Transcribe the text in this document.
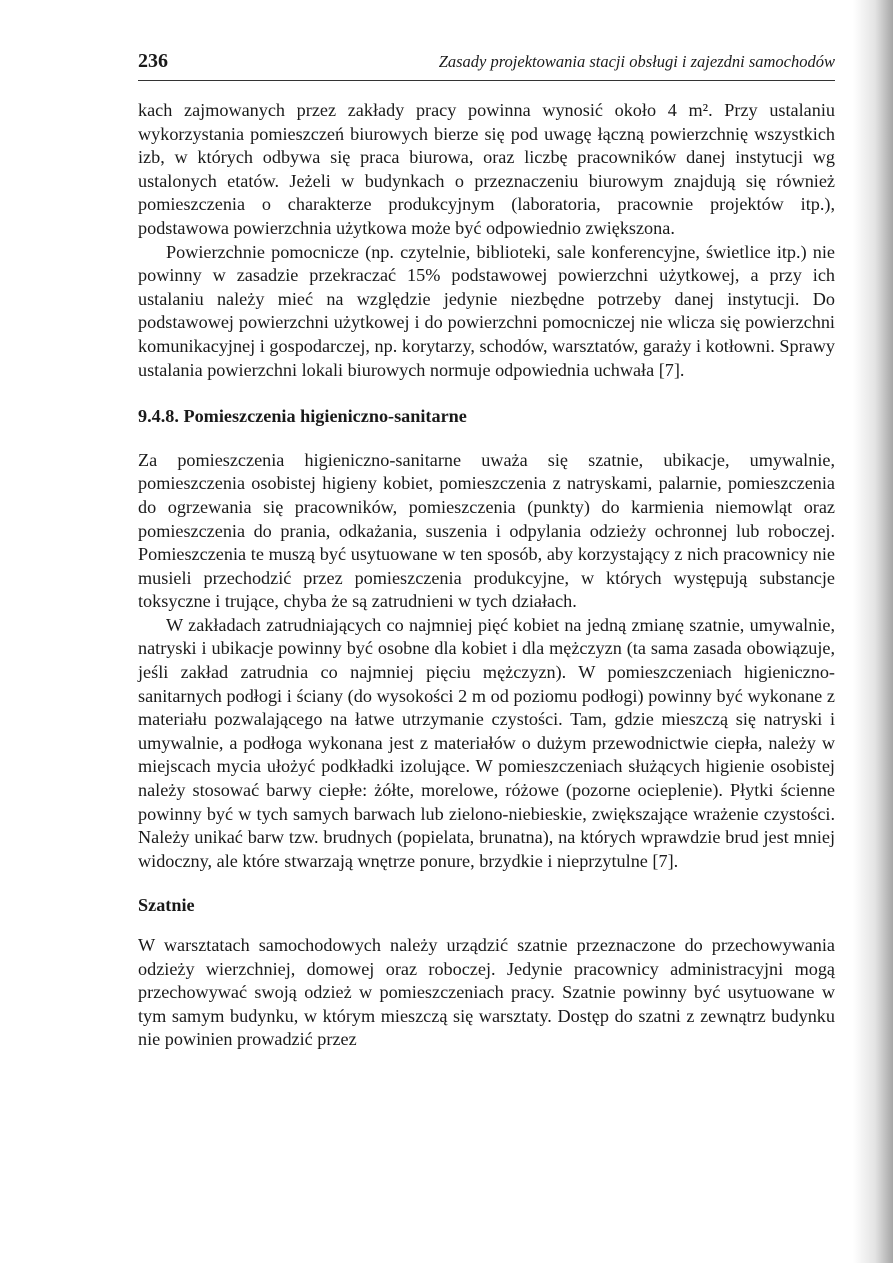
236	Zasady projektowania stacji obsługi i zajezdni samochodów

kach zajmowanych przez zakłady pracy powinna wynosić około 4 m². Przy ustalaniu wykorzystania pomieszczeń biurowych bierze się pod uwagę łączną powierzchnię wszystkich izb, w których odbywa się praca biurowa, oraz liczbę pracowników danej instytucji wg ustalonych etatów. Jeżeli w budynkach o przeznaczeniu biurowym znajdują się również pomieszczenia o charakterze produkcyjnym (laboratoria, pracownie projektów itp.), podstawowa powierzchnia użytkowa może być odpowiednio zwiększona.

Powierzchnie pomocnicze (np. czytelnie, biblioteki, sale konferencyjne, świetlice itp.) nie powinny w zasadzie przekraczać 15% podstawowej powierzchni użytkowej, a przy ich ustalaniu należy mieć na względzie jedynie niezbędne potrzeby danej instytucji. Do podstawowej powierzchni użytkowej i do powierzchni pomocniczej nie wlicza się powierzchni komunikacyjnej i gospodarczej, np. korytarzy, schodów, warsztatów, garaży i kotłowni. Sprawy ustalania powierzchni lokali biurowych normuje odpowiednia uchwała [7].

9.4.8. Pomieszczenia higieniczno-sanitarne

Za pomieszczenia higieniczno-sanitarne uważa się szatnie, ubikacje, umywalnie, pomieszczenia osobistej higieny kobiet, pomieszczenia z natryskami, palarnie, pomieszczenia do ogrzewania się pracowników, pomieszczenia (punkty) do karmienia niemowląt oraz pomieszczenia do prania, odkażania, suszenia i odpylania odzieży ochronnej lub roboczej. Pomieszczenia te muszą być usytuowane w ten sposób, aby korzystający z nich pracownicy nie musieli przechodzić przez pomieszczenia produkcyjne, w których występują substancje toksyczne i trujące, chyba że są zatrudnieni w tych działach.

W zakładach zatrudniających co najmniej pięć kobiet na jedną zmianę szatnie, umywalnie, natryski i ubikacje powinny być osobne dla kobiet i dla mężczyzn (ta sama zasada obowiązuje, jeśli zakład zatrudnia co najmniej pięciu mężczyzn). W pomieszczeniach higieniczno-sanitarnych podłogi i ściany (do wysokości 2 m od poziomu podłogi) powinny być wykonane z materiału pozwalającego na łatwe utrzymanie czystości. Tam, gdzie mieszczą się natryski i umywalnie, a podłoga wykonana jest z materiałów o dużym przewodnictwie ciepła, należy w miejscach mycia ułożyć podkładki izolujące. W pomieszczeniach służących higienie osobistej należy stosować barwy ciepłe: żółte, morelowe, różowe (pozorne ocieplenie). Płytki ścienne powinny być w tych samych barwach lub zielono-niebieskie, zwiększające wrażenie czystości. Należy unikać barw tzw. brudnych (popielata, brunatna), na których wprawdzie brud jest mniej widoczny, ale które stwarzają wnętrze ponure, brzydkie i nieprzytulne [7].

Szatnie

W warsztatach samochodowych należy urządzić szatnie przeznaczone do przechowywania odzieży wierzchniej, domowej oraz roboczej. Jedynie pracownicy administracyjni mogą przechowywać swoją odzież w pomieszczeniach pracy. Szatnie powinny być usytuowane w tym samym budynku, w którym mieszczą się warsztaty. Dostęp do szatni z zewnątrz budynku nie powinien prowadzić przez
